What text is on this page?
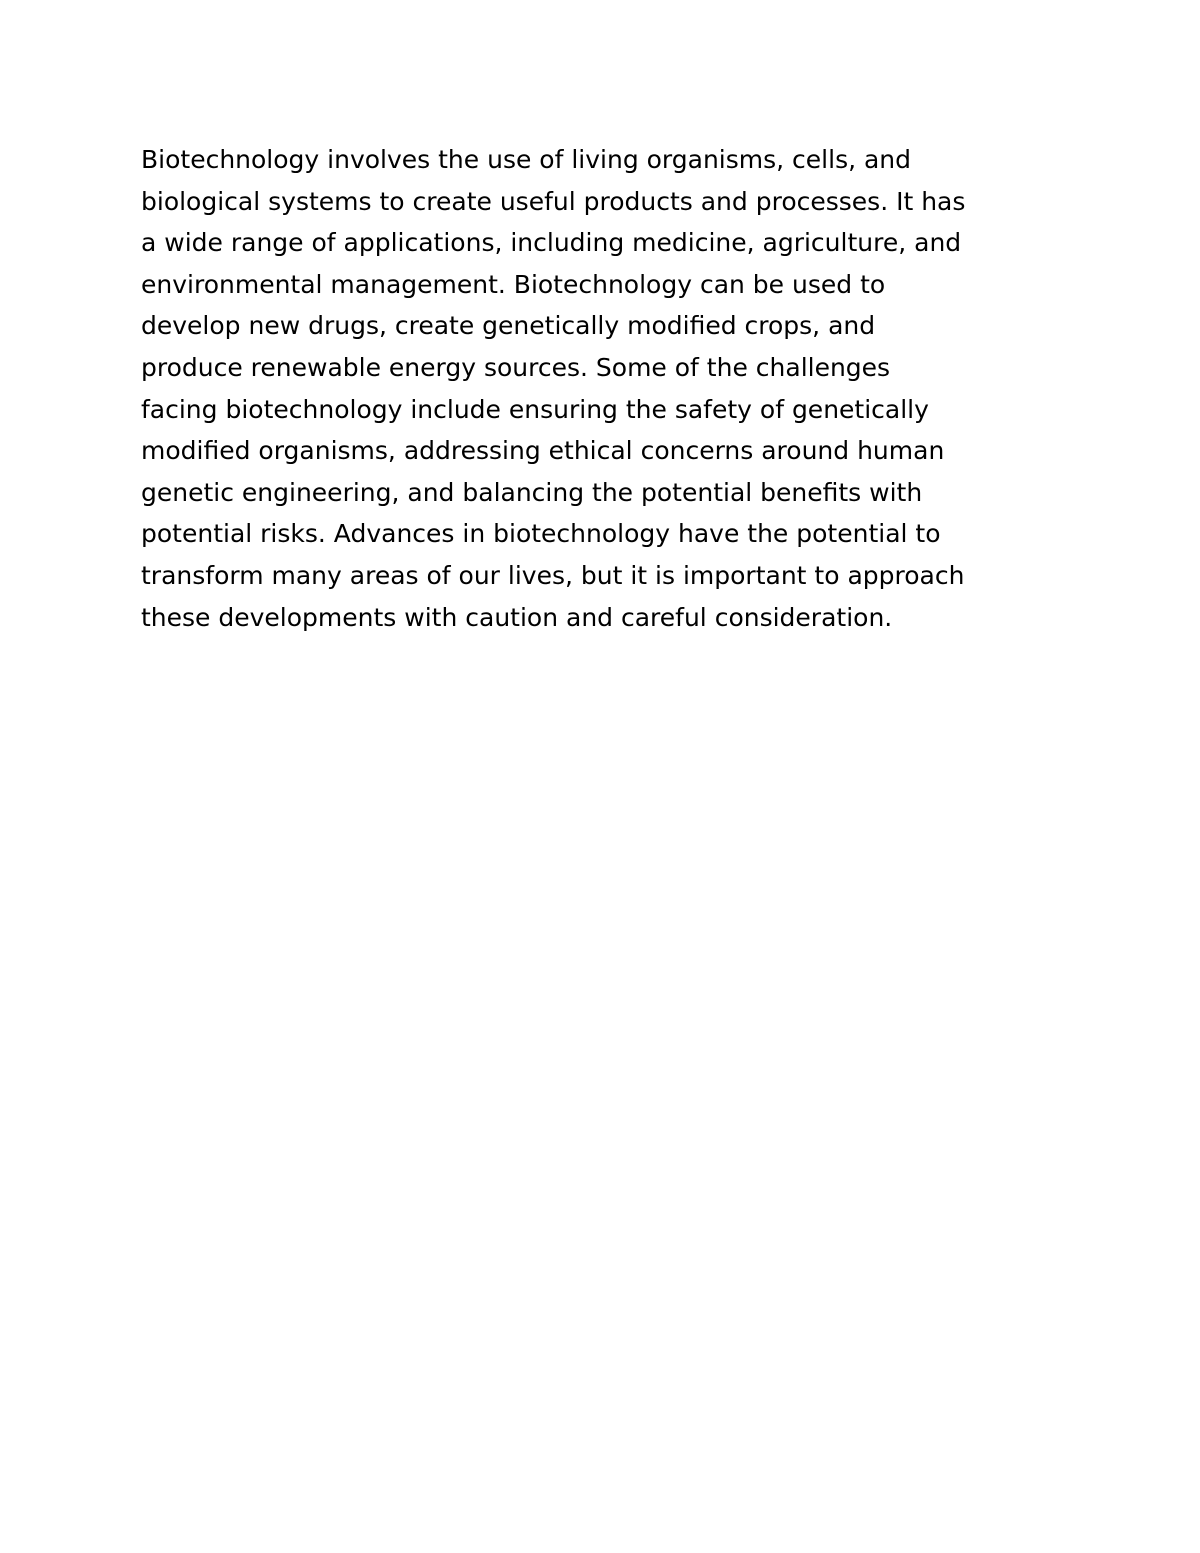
Biotechnology involves the use of living organisms, cells, and
biological systems to create useful products and processes. It has
a wide range of applications, including medicine, agriculture, and
environmental management. Biotechnology can be used to
develop new drugs, create genetically modified crops, and
produce renewable energy sources. Some of the challenges
facing biotechnology include ensuring the safety of genetically
modified organisms, addressing ethical concerns around human
genetic engineering, and balancing the potential benefits with
potential risks. Advances in biotechnology have the potential to
transform many areas of our lives, but it is important to approach
these developments with caution and careful consideration.
